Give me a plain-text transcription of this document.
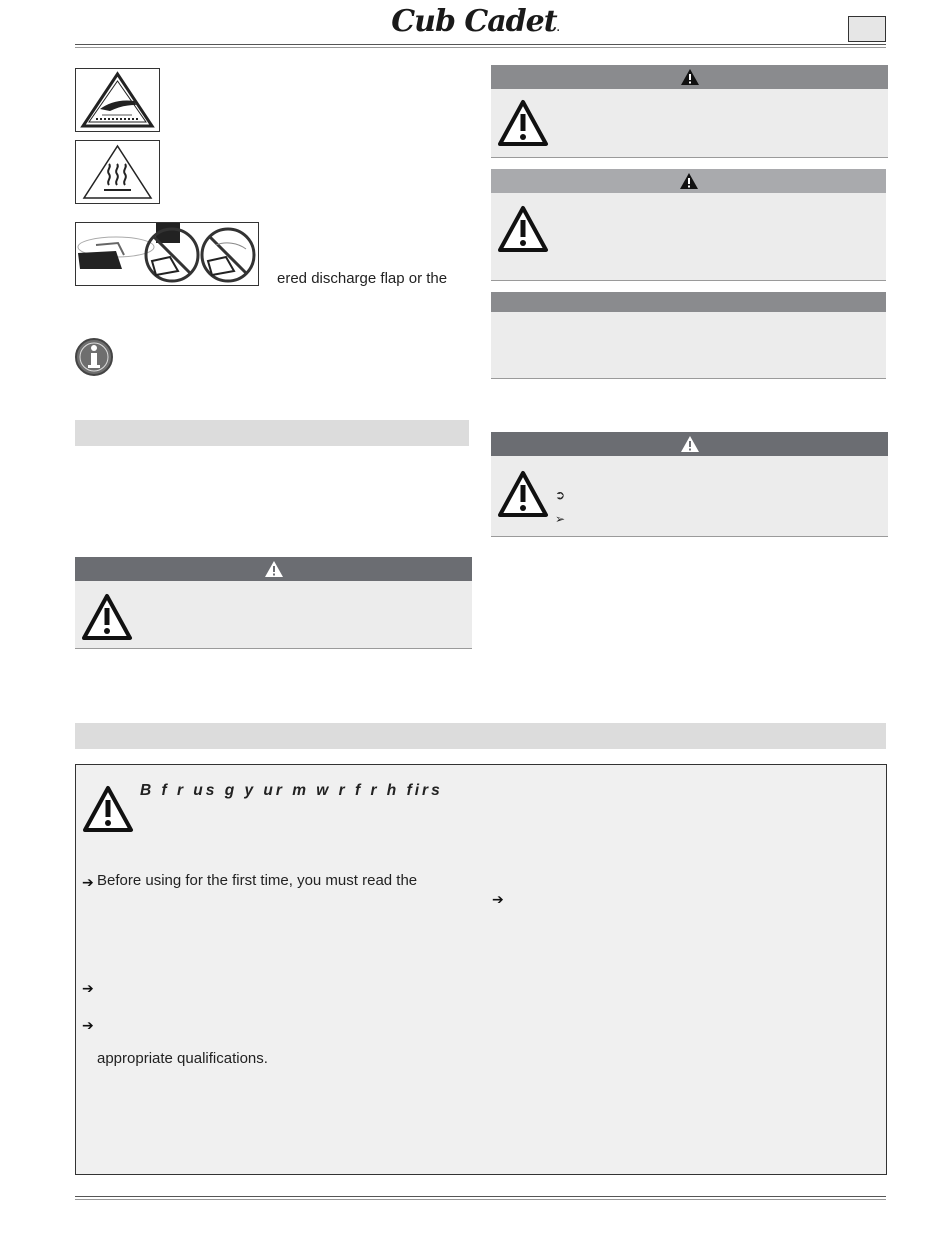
Cub Cadet.
ered discharge flap or the
➲
➢
B f r us g y ur m w r f r h firs
➔ Before using for the first time, you must read the
➔
➔
appropriate qualifications.
➔
